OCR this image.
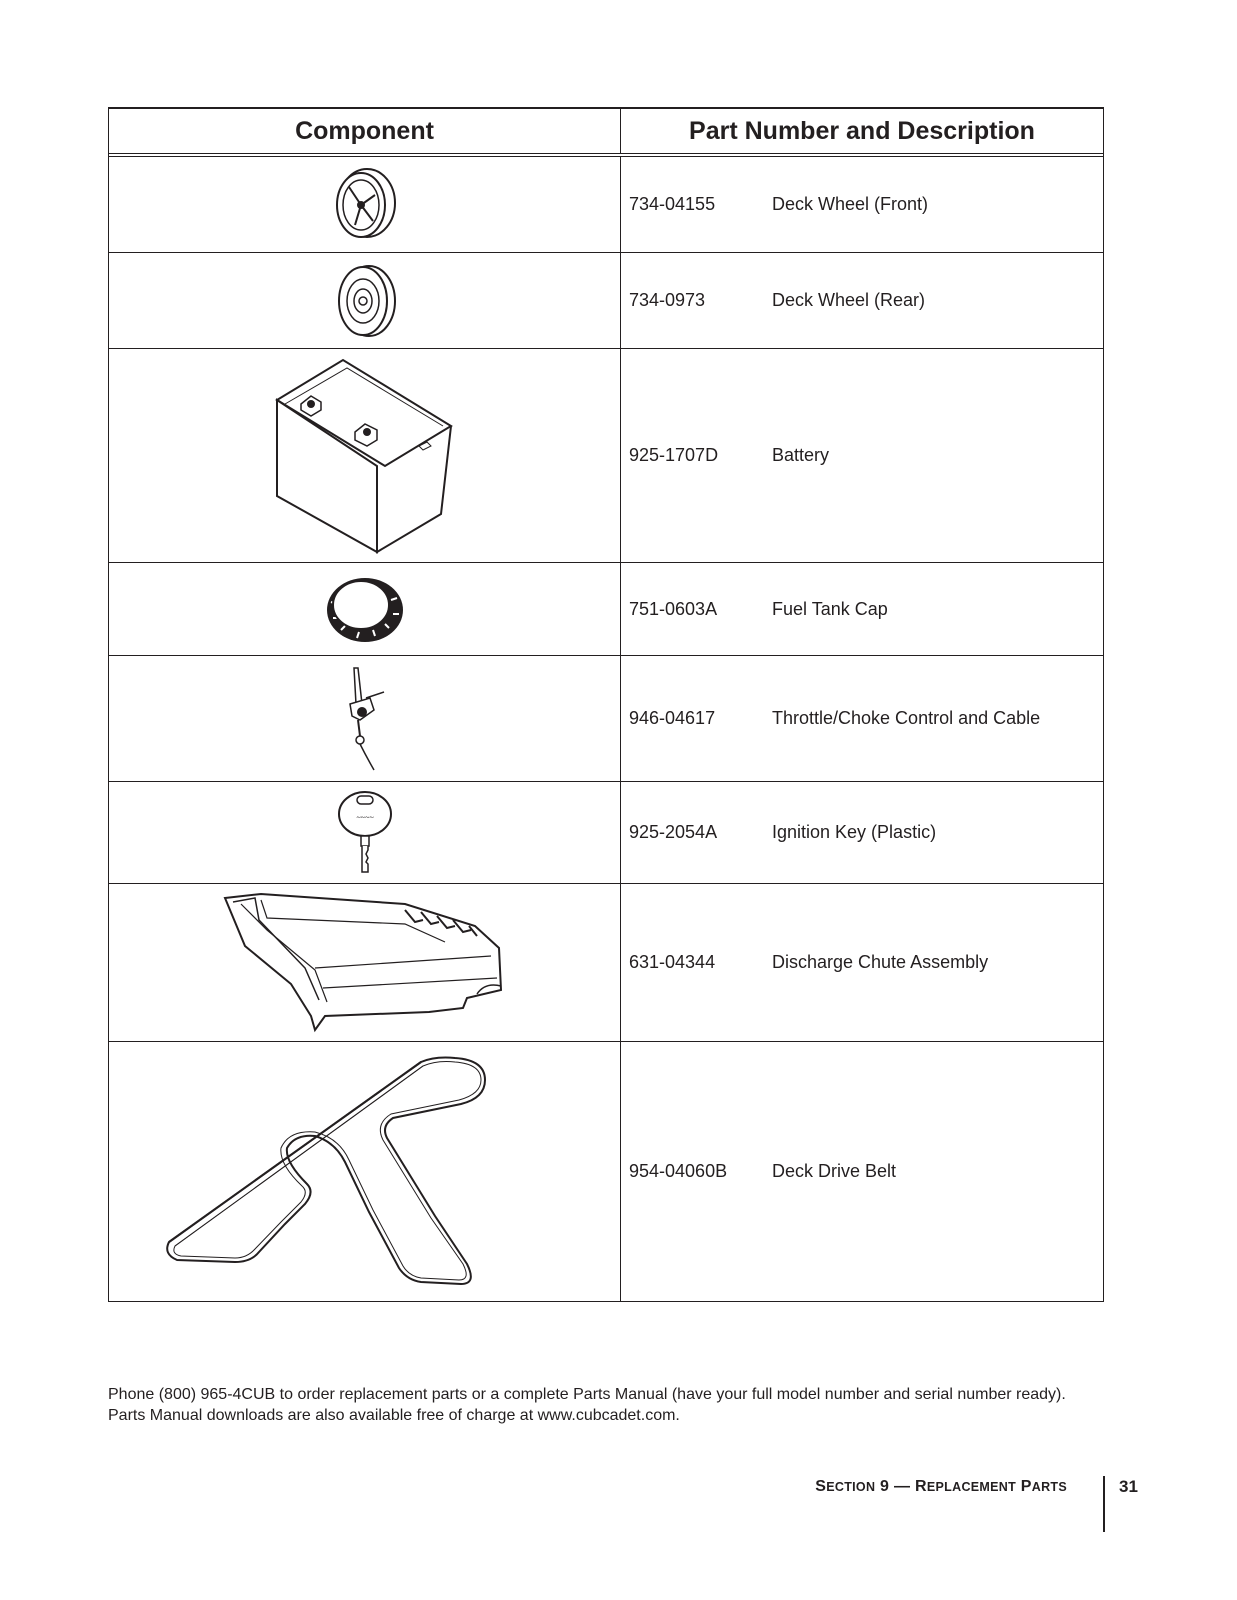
Component	Part Number and Description
734-04155	Deck Wheel (Front)
734-0973	Deck Wheel (Rear)
925-1707D	Battery
751-0603A	Fuel Tank Cap
946-04617	Throttle/Choke Control and Cable
~~~~
925-2054A	Ignition Key (Plastic)
631-04344	Discharge Chute Assembly
954-04060B	Deck Drive Belt
Phone (800) 965-4CUB to order replacement parts or a complete Parts Manual (have your full model number and serial number ready). Parts Manual downloads are also available free of charge at www.cubcadet.com.
SECTION 9 — REPLACEMENT PARTS	31
